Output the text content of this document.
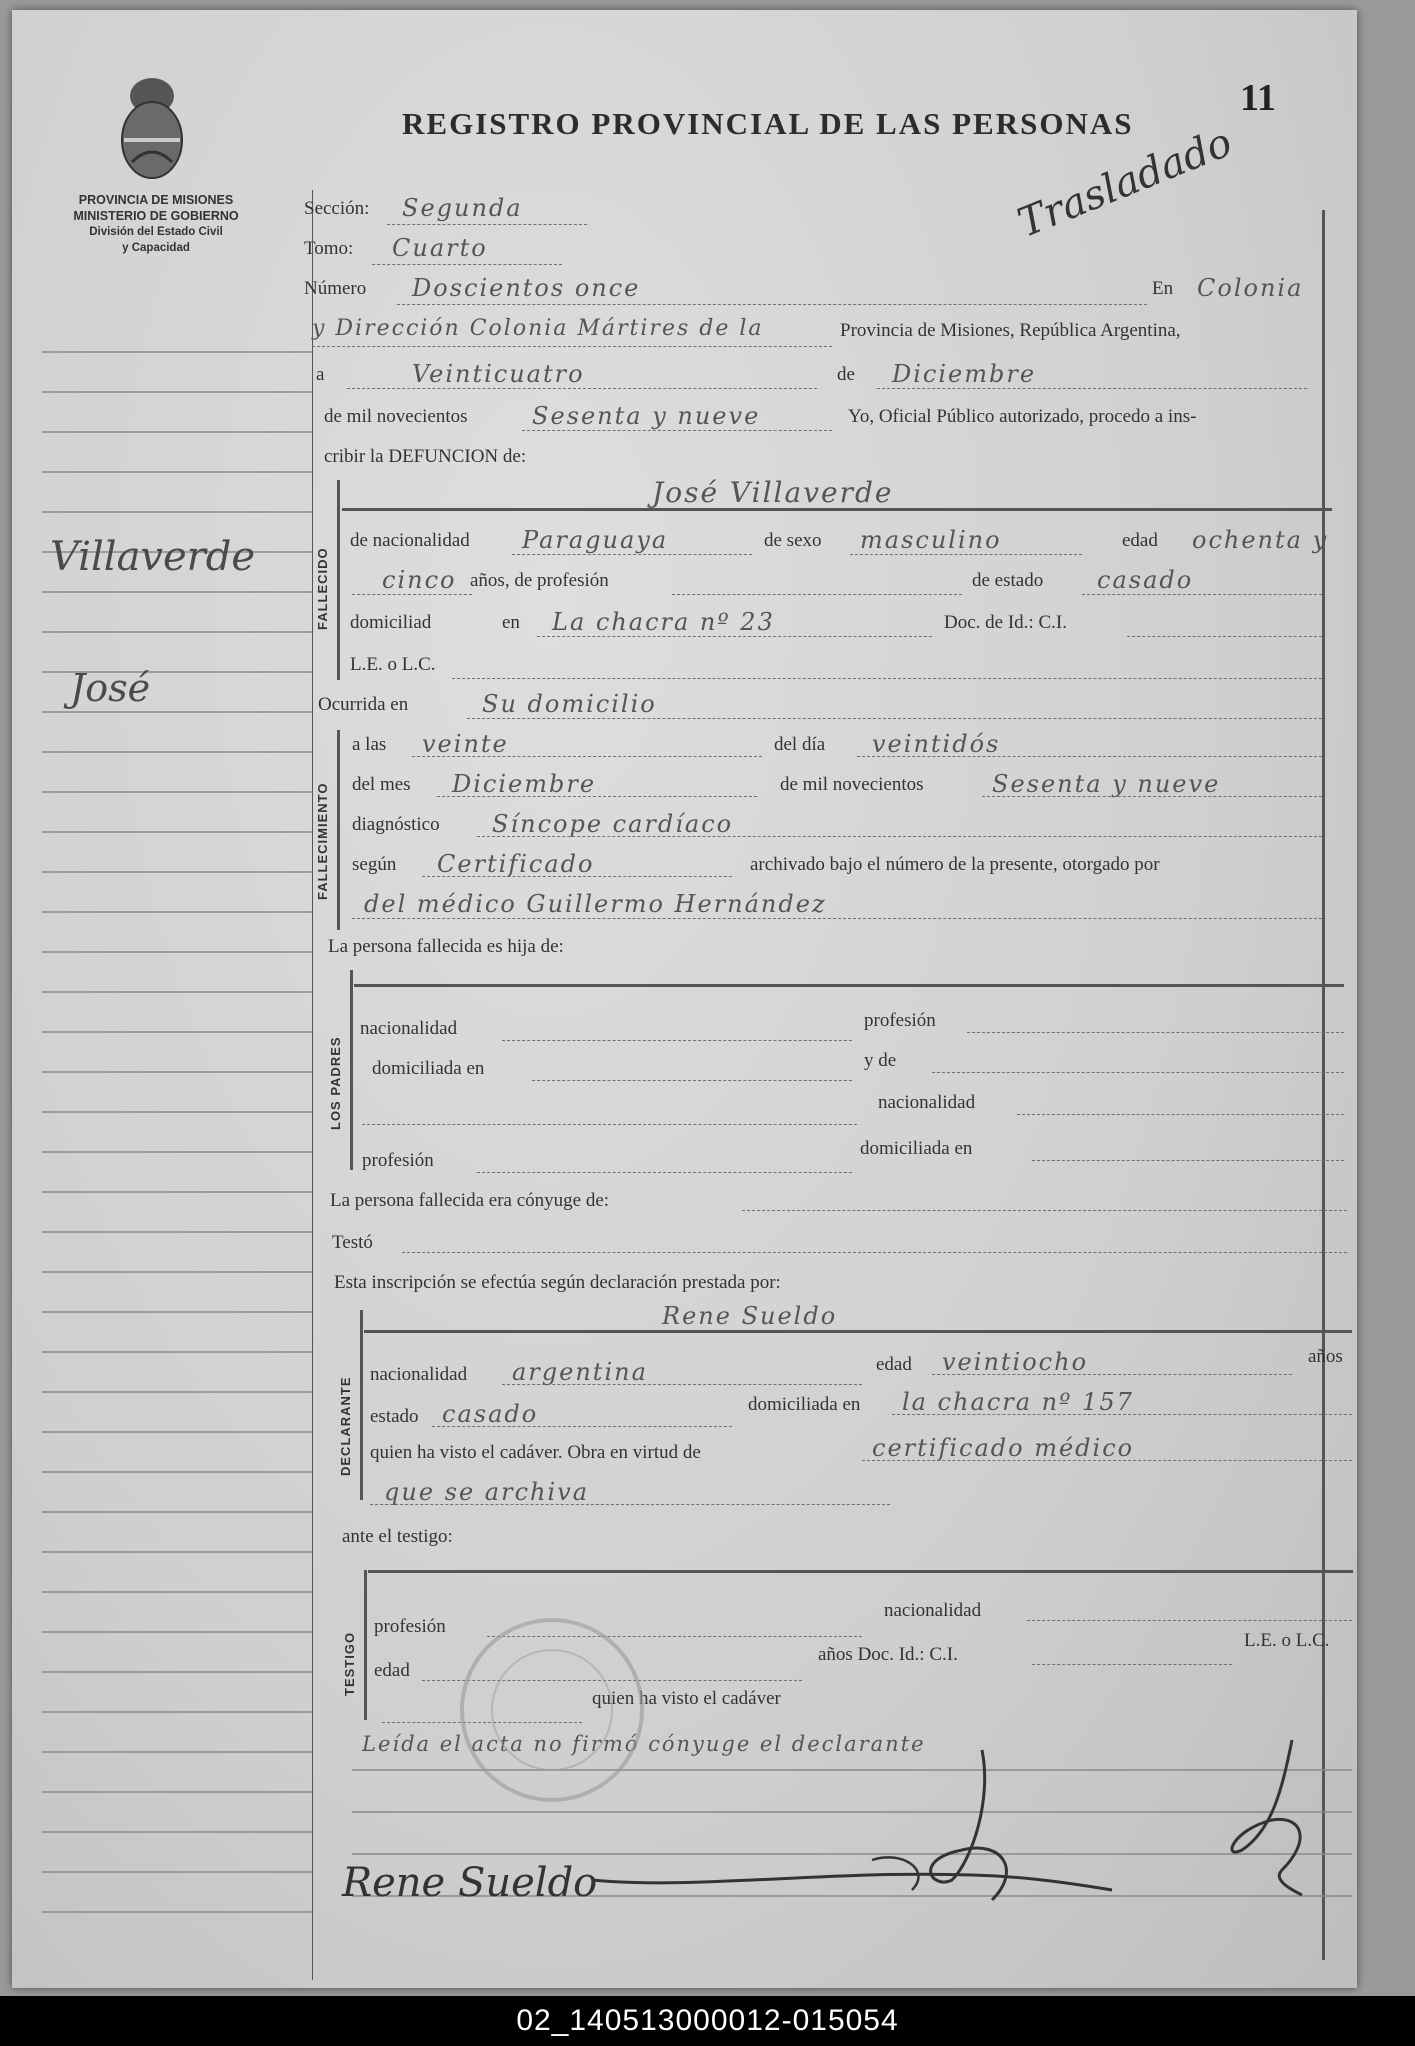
PROVINCIA DE MISIONES
MINISTERIO DE GOBIERNO
División del Estado Civil
y Capacidad
REGISTRO PROVINCIAL DE LAS PERSONAS
11
Trasladado
Villaverde
José
Sección: Segunda
Tomo: Cuarto
Número Doscientos once	En Colonia
y Dirección Colonia Mártires de la	Provincia de Misiones, República Argentina,
a	Veinticuatro	de Diciembre
de mil novecientos	Sesenta y nueve	Yo, Oficial Público autorizado, procedo a ins-
cribir la DEFUNCION de:
FALLECIDO
José Villaverde
de nacionalidad Paraguaya	de sexo masculino	edad ochenta y
cinco años, de profesión	de estado casado
domiciliad	en La chacra nº 23	Doc. de Id.: C.I.
L.E. o L.C.
Ocurrida en	Su domicilio
FALLECIMIENTO
a las veinte	del día veintidós
del mes Diciembre	de mil novecientos	Sesenta y nueve
diagnóstico Síncope cardíaco
según Certificado	archivado bajo el número de la presente, otorgado por
del médico Guillermo Hernández
La persona fallecida es hija de:
LOS PADRES
nacionalidad	profesión
domiciliada en	y de
nacionalidad
profesión
domiciliada en
La persona fallecida era cónyuge de:
Testó
Esta inscripción se efectúa según declaración prestada por:
DECLARANTE
Rene Sueldo
nacionalidad argentina	edad veintiocho	años
estado casado	domiciliada en la chacra nº 157
quien ha visto el cadáver. Obra en virtud de	certificado médico
que se archiva
ante el testigo:
TESTIGO
profesión
nacionalidad
edad
años Doc. Id.: C.I.
L.E. o L.C.
quien ha visto el cadáver
Leída el acta no firmó cónyuge el declarante
Rene Sueldo
02_140513000012-015054
